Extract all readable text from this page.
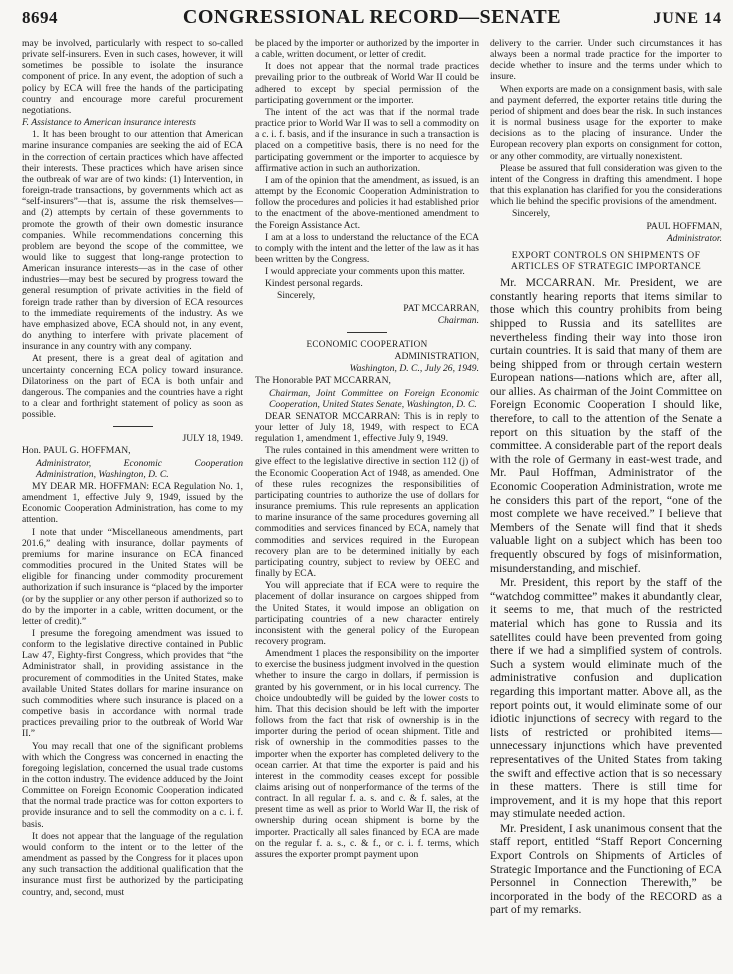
8694	CONGRESSIONAL RECORD—SENATE	JUNE 14

may be involved, particularly with respect to so-called private self-insurers. Even in such cases, however, it will sometimes be possible to isolate the insurance component of price. In any event, the adoption of such a policy by ECA will free the hands of the participating country and encourage more careful procurement negotiations.

F. Assistance to American insurance interests

1. It has been brought to our attention that American marine insurance companies are seeking the aid of ECA in the correction of certain practices which have affected their interests. These practices which have arisen since the outbreak of war are of two kinds: (1) Intervention, in foreign-trade transactions, by governments which act as “self-insurers”—that is, assume the risk themselves—and (2) attempts by certain of these governments to promote the growth of their own domestic insurance companies. While recommendations concerning this problem are beyond the scope of the committee, we would like to suggest that long-range protection to American insurance interests—as in the case of other industries—may best be secured by progress toward the general resumption of private activities in the field of foreign trade rather than by diversion of ECA resources to the immediate requirements of the industry. As we have emphasized above, ECA should not, in any event, do anything to interfere with private placement of insurance in any country with any company.

At present, there is a great deal of agitation and uncertainty concerning ECA policy toward insurance. Dilatoriness on the part of ECA is both unfair and dangerous. The companies and the countries have a right to a clear and forthright statement of policy as soon as possible.

JULY 18, 1949.

Hon. PAUL G. HOFFMAN,

Administrator, Economic Cooperation Administration, Washington, D. C.

MY DEAR MR. HOFFMAN: ECA Regulation No. 1, amendment 1, effective July 9, 1949, issued by the Economic Cooperation Administration, has come to my attention.

I note that under “Miscellaneous amendments, part 201.6,” dealing with insurance, dollar payments of premiums for marine insurance on ECA financed commodities procured in the United States will be eligible for financing under commodity procurement authorization if such insurance is “placed by the importer (or by the supplier or any other person if authorized so to do by the importer in a cable, written document, or the letter of credit).”

I presume the foregoing amendment was issued to conform to the legislative directive contained in Public Law 47, Eighty-first Congress, which provides that “the Administrator shall, in providing assistance in the procurement of commodities in the United States, make available United States dollars for marine insurance on such commodities where such insurance is placed on a competive basis in accordance with normal trade practices prevailing prior to the outbreak of World War II.”

You may recall that one of the significant problems with which the Congress was concerned in enacting the foregoing legislation, concerned the usual trade customs in the cotton industry. The evidence adduced by the Joint Committee on Foreign Economic Cooperation indicated that the normal trade practice was for cotton exporters to provide insurance and to sell the commodity on a c. i. f. basis.

It does not appear that the language of the regulation would conform to the intent or to the letter of the amendment as passed by the Congress for it places upon any such transaction the additional qualification that the insurance must first be authorized by the participating country, and, second, must

be placed by the importer or authorized by the importer in a cable, written document, or letter of credit.

It does not appear that the normal trade practices prevailing prior to the outbreak of World War II could be adhered to except by special permission of the participating government or the importer.

The intent of the act was that if the normal trade practice prior to World War II was to sell a commodity on a c. i. f. basis, and if the insurance in such a transaction is placed on a competitive basis, there is no need for the participating government or the importer to acquiesce by affirmative action in such an authorization.

I am of the opinion that the amendment, as issued, is an attempt by the Economic Cooperation Administration to follow the procedures and policies it had established prior to the enactment of the above-mentioned amendment to the Foreign Assistance Act.

I am at a loss to understand the reluctance of the ECA to comply with the intent and the letter of the law as it has been written by the Congress.

I would appreciate your comments upon this matter.

Kindest personal regards.

Sincerely,

PAT MCCARRAN,

Chairman.

ECONOMIC COOPERATION

ADMINISTRATION,

Washington, D. C., July 26, 1949.

The Honorable PAT MCCARRAN,

Chairman, Joint Committee on Foreign Economic Cooperation, United States Senate, Washington, D. C.

DEAR SENATOR MCCARRAN: This is in reply to your letter of July 18, 1949, with respect to ECA regulation 1, amendment 1, effective July 9, 1949.

The rules contained in this amendment were written to give effect to the legislative directive in section 112 (j) of the Economic Cooperation Act of 1948, as amended. One of these rules recognizes the responsibilities of participating countries to authorize the use of dollars for insurance premiums. This rule represents an application to marine insurance of the same procedures governing all commodities and services financed by ECA, namely that commodities and services required in the European recovery plan are to be determined initially by each participating country, subject to review by OEEC and finally by ECA.

You will appreciate that if ECA were to require the placement of dollar insurance on cargoes shipped from the United States, it would impose an obligation on participating countries of a new character entirely inconsistent with the general policy of the European recovery program.

Amendment 1 places the responsibility on the importer to exercise the business judgment involved in the question whether to insure the cargo in dollars, if permission is granted by his government, or in his local currency. The choice undoubtedly will be guided by the lower costs to him. That this decision should be left with the importer follows from the fact that risk of ownership is in the importer during the period of ocean shipment. Title and risk of ownership in the commodities passes to the importer when the exporter has completed delivery to the ocean carrier. At that time the exporter is paid and his interest in the commodity ceases except for possible claims arising out of nonperformance of the terms of the contract. In all regular f. a. s. and c. & f. sales, at the present time as well as prior to World War II, the risk of ownership during ocean shipment is borne by the importer. Practically all sales financed by ECA are made on the regular f. a. s., c. & f., or c. i. f. terms, which assures the exporter prompt payment upon

delivery to the carrier. Under such circumstances it has always been a normal trade practice for the importer to decide whether to insure and the terms under which to insure.

When exports are made on a consignment basis, with sale and payment deferred, the exporter retains title during the period of shipment and does bear the risk. In such instances it is normal business usage for the exporter to make decisions as to the placing of insurance. Under the European recovery plan exports on consignment for cotton, or any other commodity, are virtually nonexistent.

Please be assured that full consideration was given to the intent of the Congress in drafting this amendment. I hope that this explanation has clarified for you the considerations which lie behind the specific provisions of the amendment.

Sincerely,

PAUL HOFFMAN,

Administrator.

EXPORT CONTROLS ON SHIPMENTS OF ARTICLES OF STRATEGIC IMPORTANCE

Mr. MCCARRAN. Mr. President, we are constantly hearing reports that items similar to those which this country prohibits from being shipped to Russia and its satellites are nevertheless finding their way into those iron curtain countries. It is said that many of them are being shipped from or through certain western European nations—nations which are, after all, our allies. As chairman of the Joint Committee on Foreign Economic Cooperation I should like, therefore, to call to the attention of the Senate a report on this situation by the staff of the committee. A considerable part of the report deals with the role of Germany in east-west trade, and Mr. Paul Hoffman, Administrator of the Economic Cooperation Administration, wrote me he considers this part of the report, “one of the most complete we have received.” I believe that Members of the Senate will find that it sheds valuable light on a subject which has been too frequently obscured by fogs of misinformation, misunderstanding, and mischief.

Mr. President, this report by the staff of the “watchdog committee” makes it abundantly clear, it seems to me, that much of the restricted material which has gone to Russia and its satellites could have been prevented from going there if we had a simplified system of controls. Such a system would eliminate much of the administrative confusion and duplication regarding this important matter. Above all, as the report points out, it would eliminate some of our idiotic injunctions of secrecy with regard to the lists of restricted or prohibited items—unnecessary injunctions which have prevented representatives of the United States from taking the swift and effective action that is so necessary in these matters. There is still time for improvement, and it is my hope that this report may stimulate needed action.

Mr. President, I ask unanimous consent that the staff report, entitled “Staff Report Concerning Export Controls on Shipments of Articles of Strategic Importance and the Functioning of ECA Personnel in Connection Therewith,” be incorporated in the body of the RECORD as a part of my remarks.
